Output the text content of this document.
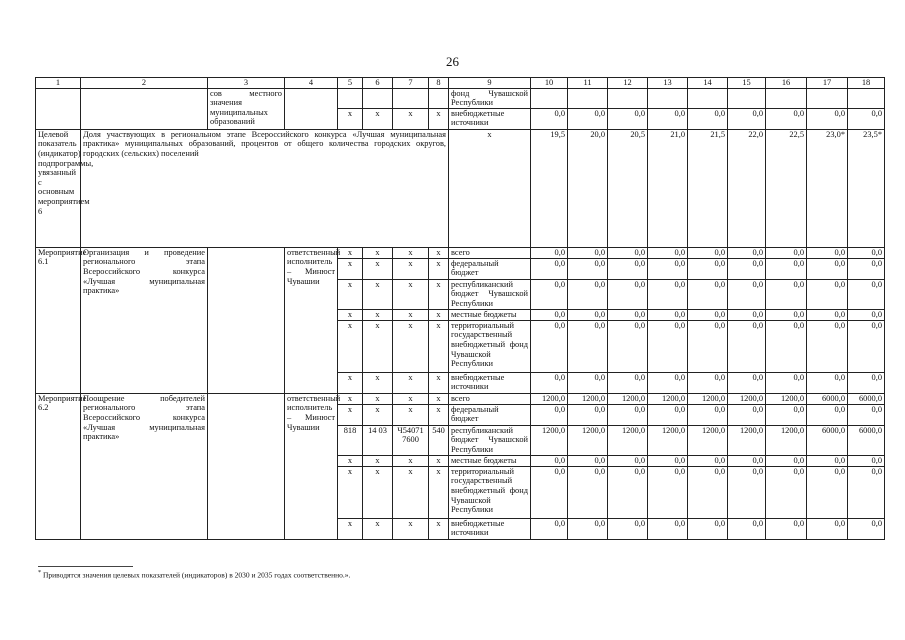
26
1	2	3	4	5	6	7	8	9	10	11	12	13	14	15	16	17	18
		сов местного значения муниципальных образований						фонд Чувашской Республики									
				x	x	x	x	внебюджетные источники	0,0	0,0	0,0	0,0	0,0	0,0	0,0	0,0	0,0
Целевой показатель (индикатор) подпрограммы, увязанный с основным мероприятием 6	Доля участвующих в региональном этапе Всероссийского конкурса «Лучшая муниципальная практика» муниципальных образований, процентов от общего количества городских округов, городских (сельских) поселений							x	19,5	20,0	20,5	21,0	21,5	22,0	22,5	23,0*	23,5*
Мероприятие 6.1	Организация и проведение регионального этапа Всероссийского конкурса «Лучшая муниципальная практика»		ответственный исполнитель – Минюст Чувашии	x	x	x	x	всего	0,0	0,0	0,0	0,0	0,0	0,0	0,0	0,0	0,0
				x	x	x	x	федеральный бюджет	0,0	0,0	0,0	0,0	0,0	0,0	0,0	0,0	0,0
				x	x	x	x	республиканский бюджет Чувашской Республики	0,0	0,0	0,0	0,0	0,0	0,0	0,0	0,0	0,0
				x	x	x	x	местные бюджеты	0,0	0,0	0,0	0,0	0,0	0,0	0,0	0,0	0,0
				x	x	x	x	территориальный государственный внебюджетный фонд Чувашской Республики	0,0	0,0	0,0	0,0	0,0	0,0	0,0	0,0	0,0
				x	x	x	x	внебюджетные источники	0,0	0,0	0,0	0,0	0,0	0,0	0,0	0,0	0,0
Мероприятие 6.2	Поощрение победителей регионального этапа Всероссийского конкурса «Лучшая муниципальная практика»		ответственный исполнитель – Минюст Чувашии	x	x	x	x	всего	1200,0	1200,0	1200,0	1200,0	1200,0	1200,0	1200,0	6000,0	6000,0
				x	x	x	x	федеральный бюджет	0,0	0,0	0,0	0,0	0,0	0,0	0,0	0,0	0,0
				818	14 03	Ч54071 7600	540	республиканский бюджет Чувашской Республики	1200,0	1200,0	1200,0	1200,0	1200,0	1200,0	1200,0	6000,0	6000,0
				x	x	x	x	местные бюджеты	0,0	0,0	0,0	0,0	0,0	0,0	0,0	0,0	0,0
				x	x	x	x	территориальный государственный внебюджетный фонд Чувашской Республики	0,0	0,0	0,0	0,0	0,0	0,0	0,0	0,0	0,0
				x	x	x	x	внебюджетные источники	0,0	0,0	0,0	0,0	0,0	0,0	0,0	0,0	0,0
* Приводятся значения целевых показателей (индикаторов) в 2030 и 2035 годах соответственно.».
